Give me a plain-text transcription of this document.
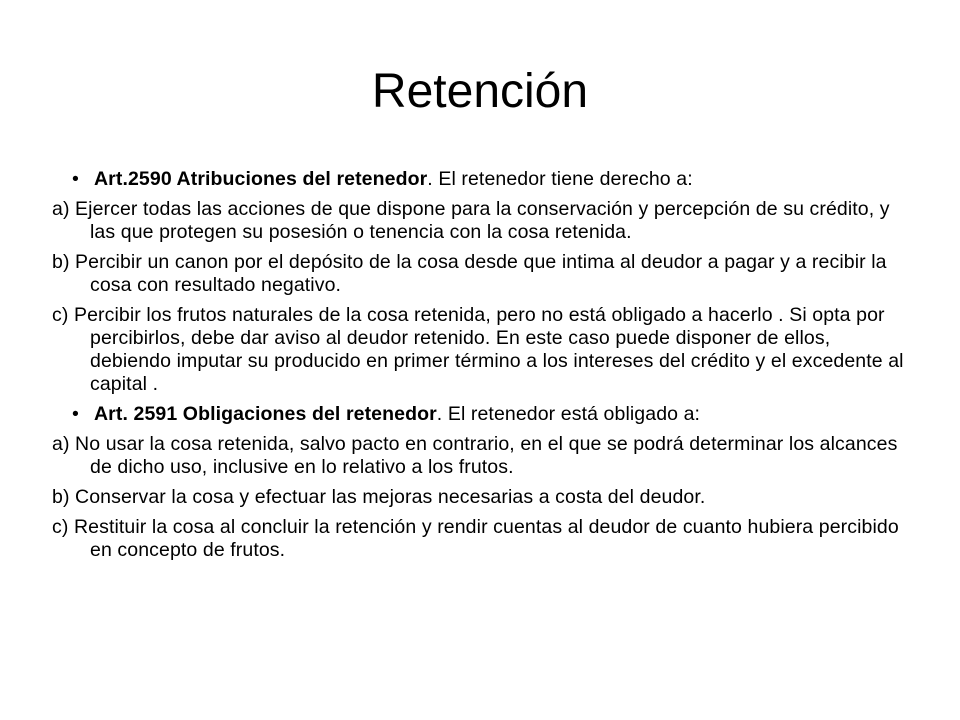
Retención
• Art.2590 Atribuciones del retenedor. El retenedor tiene derecho a:

a) Ejercer todas las acciones de que dispone para la conservación y percepción de su crédito, y las que protegen su posesión o tenencia con la cosa retenida.

b) Percibir un canon por el depósito de la cosa desde que intima al deudor a pagar y a recibir la cosa con resultado negativo.

c) Percibir los frutos naturales de la cosa retenida, pero no está obligado a hacerlo . Si opta por percibirlos, debe dar aviso al deudor retenido. En este caso puede disponer de ellos, debiendo imputar su producido en primer término a los intereses del crédito y el excedente al capital .

• Art. 2591 Obligaciones del retenedor. El retenedor está obligado a:

a) No usar la cosa retenida, salvo pacto en contrario, en el que se podrá determinar los alcances de dicho uso, inclusive en lo relativo a los frutos.

b) Conservar la cosa y efectuar las mejoras necesarias a costa del deudor.

c) Restituir la cosa al concluir la retención y rendir cuentas al deudor de cuanto hubiera percibido en concepto de frutos.
